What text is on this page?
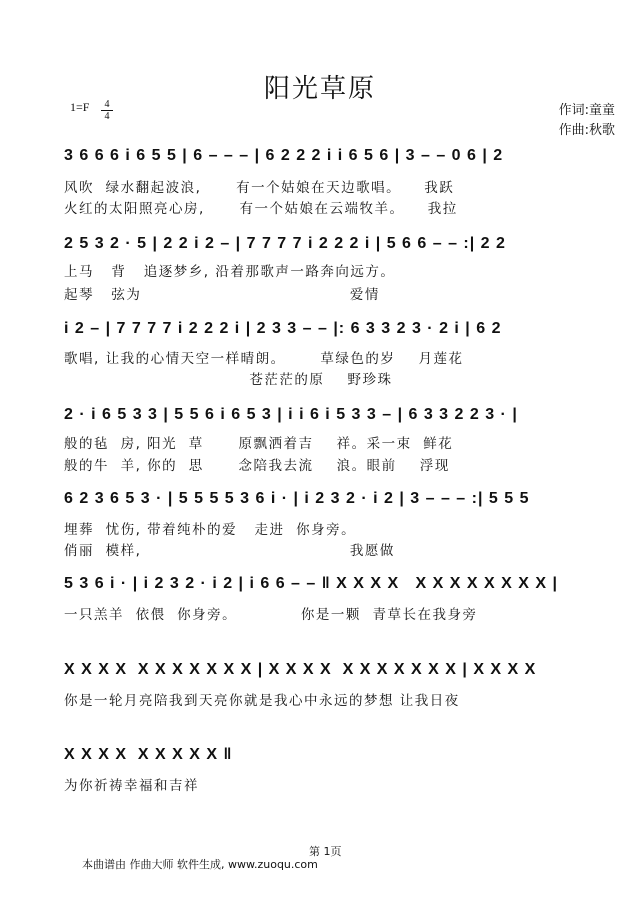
阳光草原
1=F	4
4	作词:童童
作曲:秋歌
3 6 6 6 i 6 5 5 | 6 – – – | 6 2 2 2 i i 6 5 6 | 3 – – 0 6 | 2
风吹  绿水翻起波浪,      有一个姑娘在天边歌唱。    我跃
火红的太阳照亮心房,      有一个姑娘在云端牧羊。    我拉
2 5 3 2 · 5 | 2 2 i 2 – | 7 7 7 7 i 2 2 2 i | 5 6 6 – – :| 2 2
上马   背   追逐梦乡, 沿着那歌声一路奔向远方。
起琴   弦为                                    爱情
i 2 – | 7 7 7 7 i 2 2 2 i | 2 3 3 – – |: 6 3 3 2 3 · 2 i | 6 2
歌唱, 让我的心情天空一样晴朗。      草绿色的岁    月莲花
苍茫茫的原    野珍珠
2 · i 6 5 3 3 | 5 5 6 i 6 5 3 | i i 6 i 5 3 3 – | 6 3 3 2 2 3 · |
般的毡  房, 阳光  草      原飘洒着吉    祥。采一束  鲜花
般的牛  羊, 你的  思      念陪我去流    浪。眼前    浮现
6 2 3 6 5 3 · | 5 5 5 5 3 6 i · | i 2 3 2 · i 2 | 3 – – – :| 5 5 5
埋葬  忧伤, 带着纯朴的爱   走进  你身旁。
俏丽  模样,                                    我愿做
5 3 6 i · | i 2 3 2 · i 2 | i 6 6 – – ‖ X X X X   X X X X X X X X |
一只羔羊  依偎  你身旁。           你是一颗  青草长在我身旁
X X X X  X X X X X X X | X X X X  X X X X X X X | X X X X
你是一轮月亮陪我到天亮你就是我心中永远的梦想 让我日夜
X X X X  X X X X X ‖
为你祈祷幸福和吉祥
第 1页
本曲谱由 作曲大师 软件生成, www.zuoqu.com
